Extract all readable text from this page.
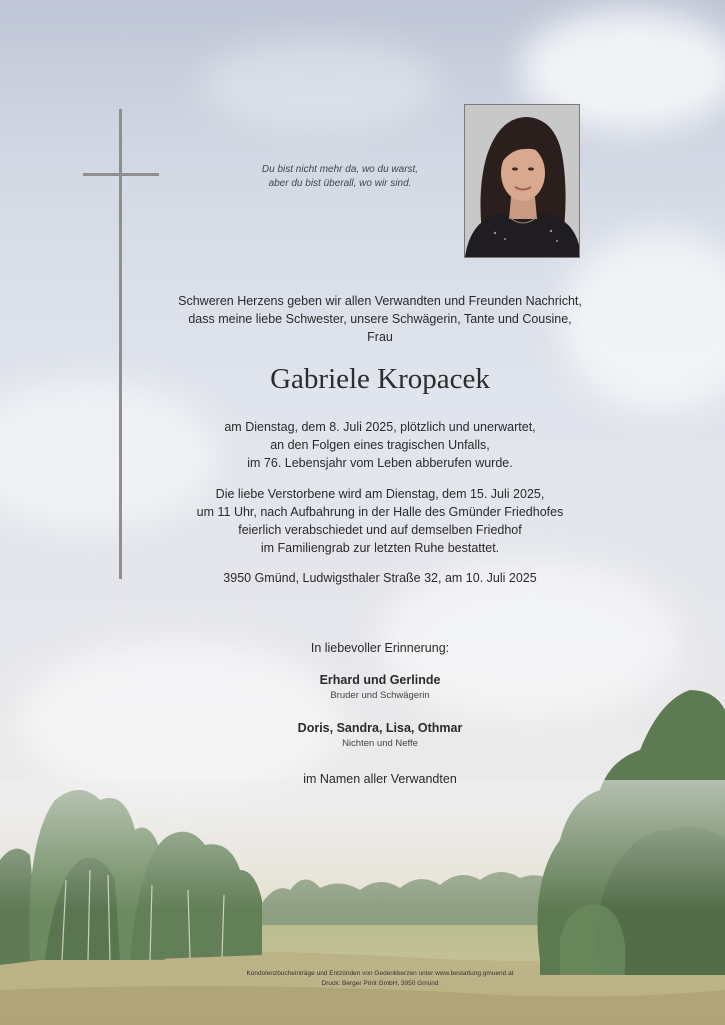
Du bist nicht mehr da, wo du warst,
aber du bist überall, wo wir sind.
Schweren Herzens geben wir allen Verwandten und Freunden Nachricht,
dass meine liebe Schwester, unsere Schwägerin, Tante und Cousine,
Frau
Gabriele Kropacek
am Dienstag, dem 8. Juli 2025, plötzlich und unerwartet,
an den Folgen eines tragischen Unfalls,
im 76. Lebensjahr vom Leben abberufen wurde.
Die liebe Verstorbene wird am Dienstag, dem 15. Juli 2025,
um 11 Uhr, nach Aufbahrung in der Halle des Gmünder Friedhofes
feierlich verabschiedet und auf demselben Friedhof
im Familiengrab zur letzten Ruhe bestattet.
3950 Gmünd, Ludwigsthaler Straße 32, am 10. Juli 2025
In liebevoller Erinnerung:
Erhard und Gerlinde
Bruder und Schwägerin
Doris, Sandra, Lisa, Othmar
Nichten und Neffe
im Namen aller Verwandten
Kondolenzbucheinträge und Entzünden von Gedenkkerzen unter www.bestattung.gmuend.at
Druck: Berger Print GmbH, 3950 Gmünd
